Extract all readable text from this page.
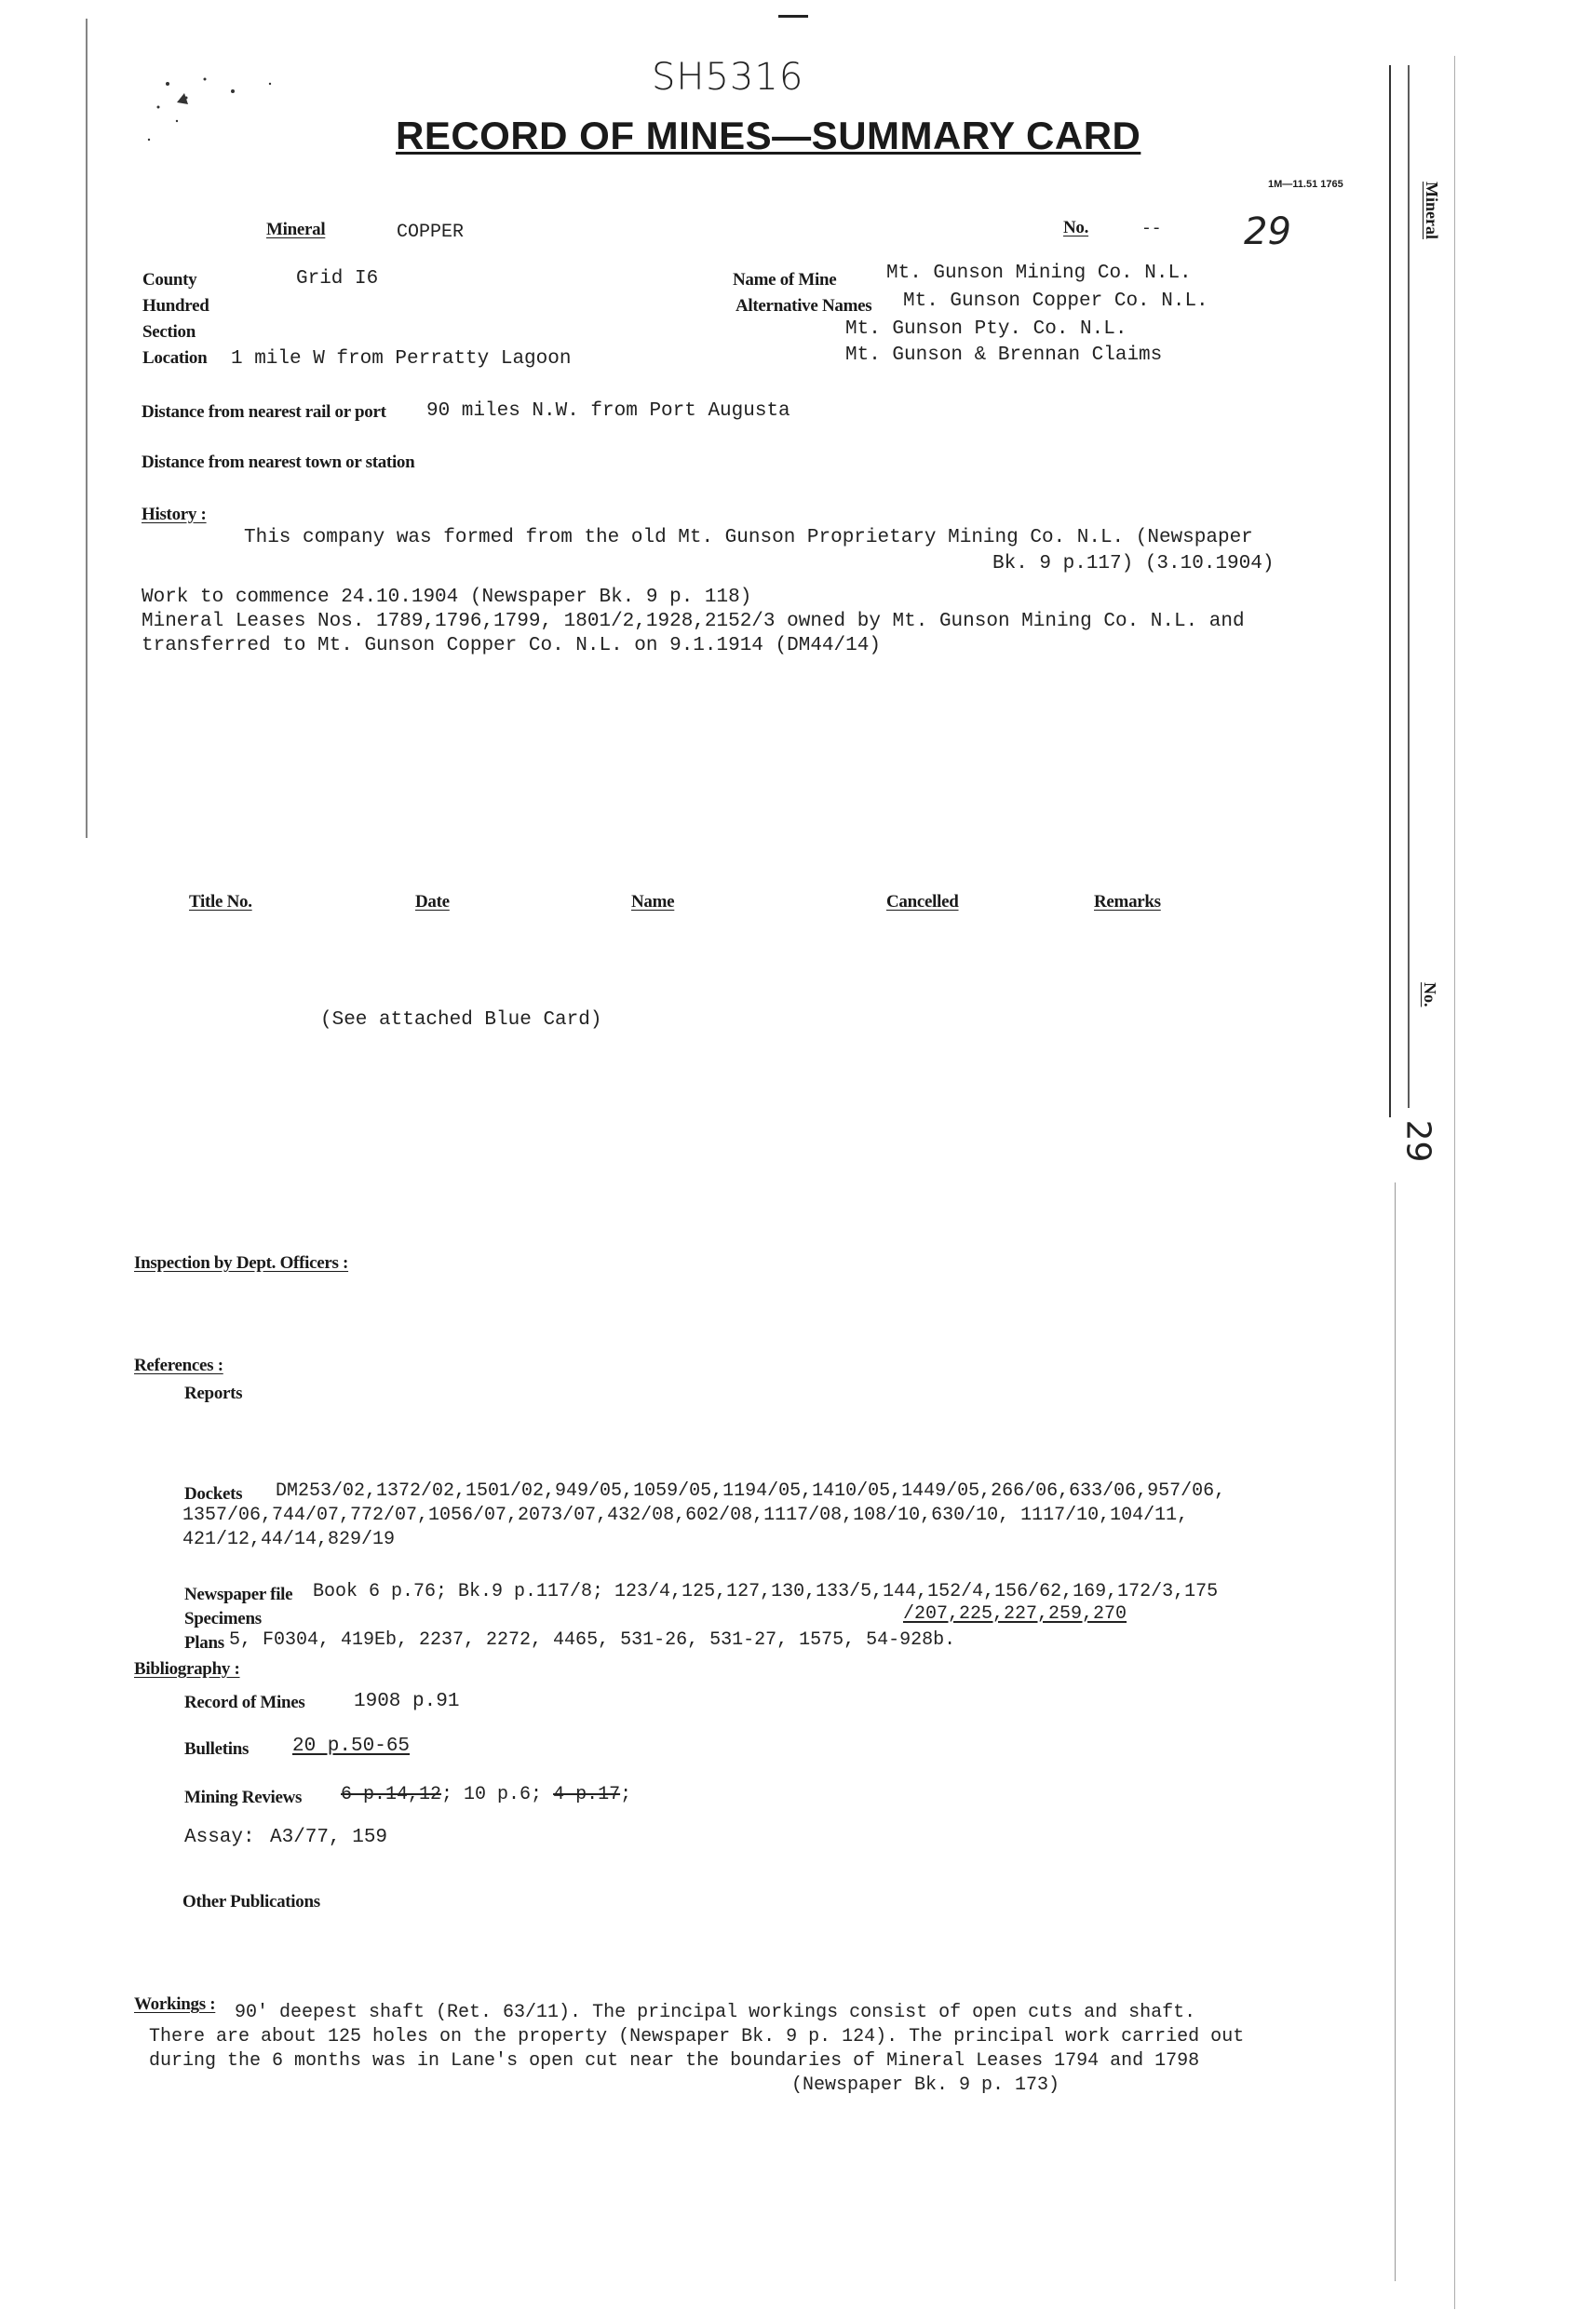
SH5316
RECORD OF MINES—SUMMARY CARD
1M—11.51 1765	Mineral
No.
29
Mineral	COPPER	No.	-- 29
County	Grid I6
Hundred
Section
Location 1 mile W from Perratty Lagoon
Name of Mine	Mt. Gunson Mining Co. N.L.
Alternative Names Mt. Gunson Copper Co. N.L.
Mt. Gunson Pty. Co. N.L.
Mt. Gunson & Brennan Claims
Distance from nearest rail or port 90 miles N.W. from Port Augusta
Distance from nearest town or station
History :
This company was formed from the old Mt. Gunson Proprietary Mining Co. N.L. (Newspaper
Bk. 9 p.117) (3.10.1904)
Work to commence 24.10.1904 (Newspaper Bk. 9 p. 118)
Mineral Leases Nos. 1789,1796,1799, 1801/2,1928,2152/3 owned by Mt. Gunson Mining Co. N.L. and
transferred to Mt. Gunson Copper Co. N.L. on 9.1.1914 (DM44/14)
Title No.	Date	Name	Cancelled	Remarks
(See attached Blue Card)
Inspection by Dept. Officers :
References :
Reports
Dockets DM253/02,1372/02,1501/02,949/05,1059/05,1194/05,1410/05,1449/05,266/06,633/06,957/06,
1357/06,744/07,772/07,1056/07,2073/07,432/08,602/08,1117/08,108/10,630/10, 1117/10,104/11,
421/12,44/14,829/19
Newspaper file Book 6 p.76; Bk.9 p.117/8; 123/4,125,127,130,133/5,144,152/4,156/62,169,172/3,175
Specimens	/207,225,227,259,270
Plans 5, F0304, 419Eb, 2237, 2272, 4465, 531-26, 531-27, 1575, 54-928b.
Bibliography :
Record of Mines 1908 p.91
Bulletins 20 p.50-65
Mining Reviews 6 p.14,12; 10 p.6; 4 p.17;
Assay: A3/77, 159
Other Publications
Workings : 90' deepest shaft (Ret. 63/11). The principal workings consist of open cuts and shaft.
There are about 125 holes on the property (Newspaper Bk. 9 p. 124). The principal work carried out
during the 6 months was in Lane's open cut near the boundaries of Mineral Leases 1794 and 1798
(Newspaper Bk. 9 p. 173)
